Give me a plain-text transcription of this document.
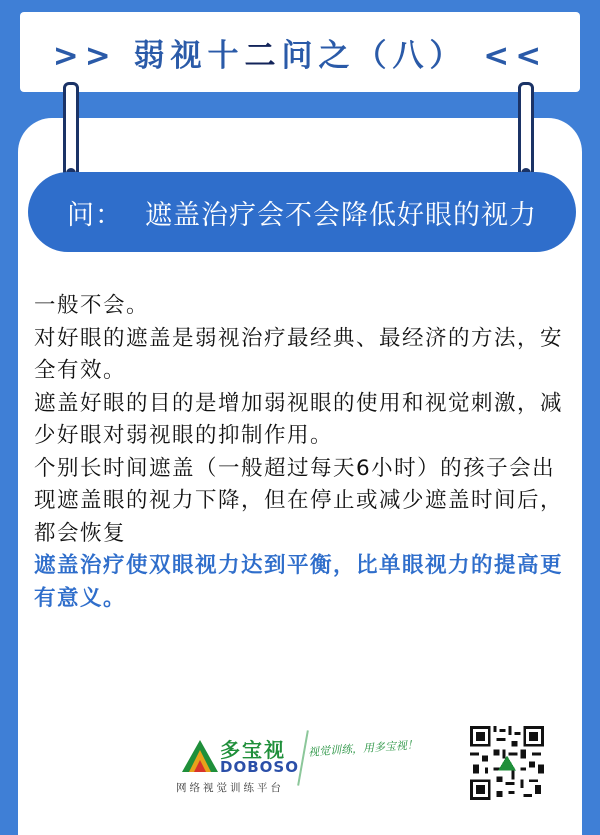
>> 弱视十二问之（八） <<
问： 遮盖治疗会不会降低好眼的视力

一般不会。

对好眼的遮盖是弱视治疗最经典、最经济的方法，安全有效。

遮盖好眼的目的是增加弱视眼的使用和视觉刺激，减少好眼对弱视眼的抑制作用。

个别长时间遮盖（一般超过每天6小时）的孩子会出现遮盖眼的视力下降，但在停止或减少遮盖时间后，都会恢复

遮盖治疗使双眼视力达到平衡，比单眼视力的提高更有意义。

多宝视
DOBOSO
网络视觉训练平台
视觉训练，用多宝视！
